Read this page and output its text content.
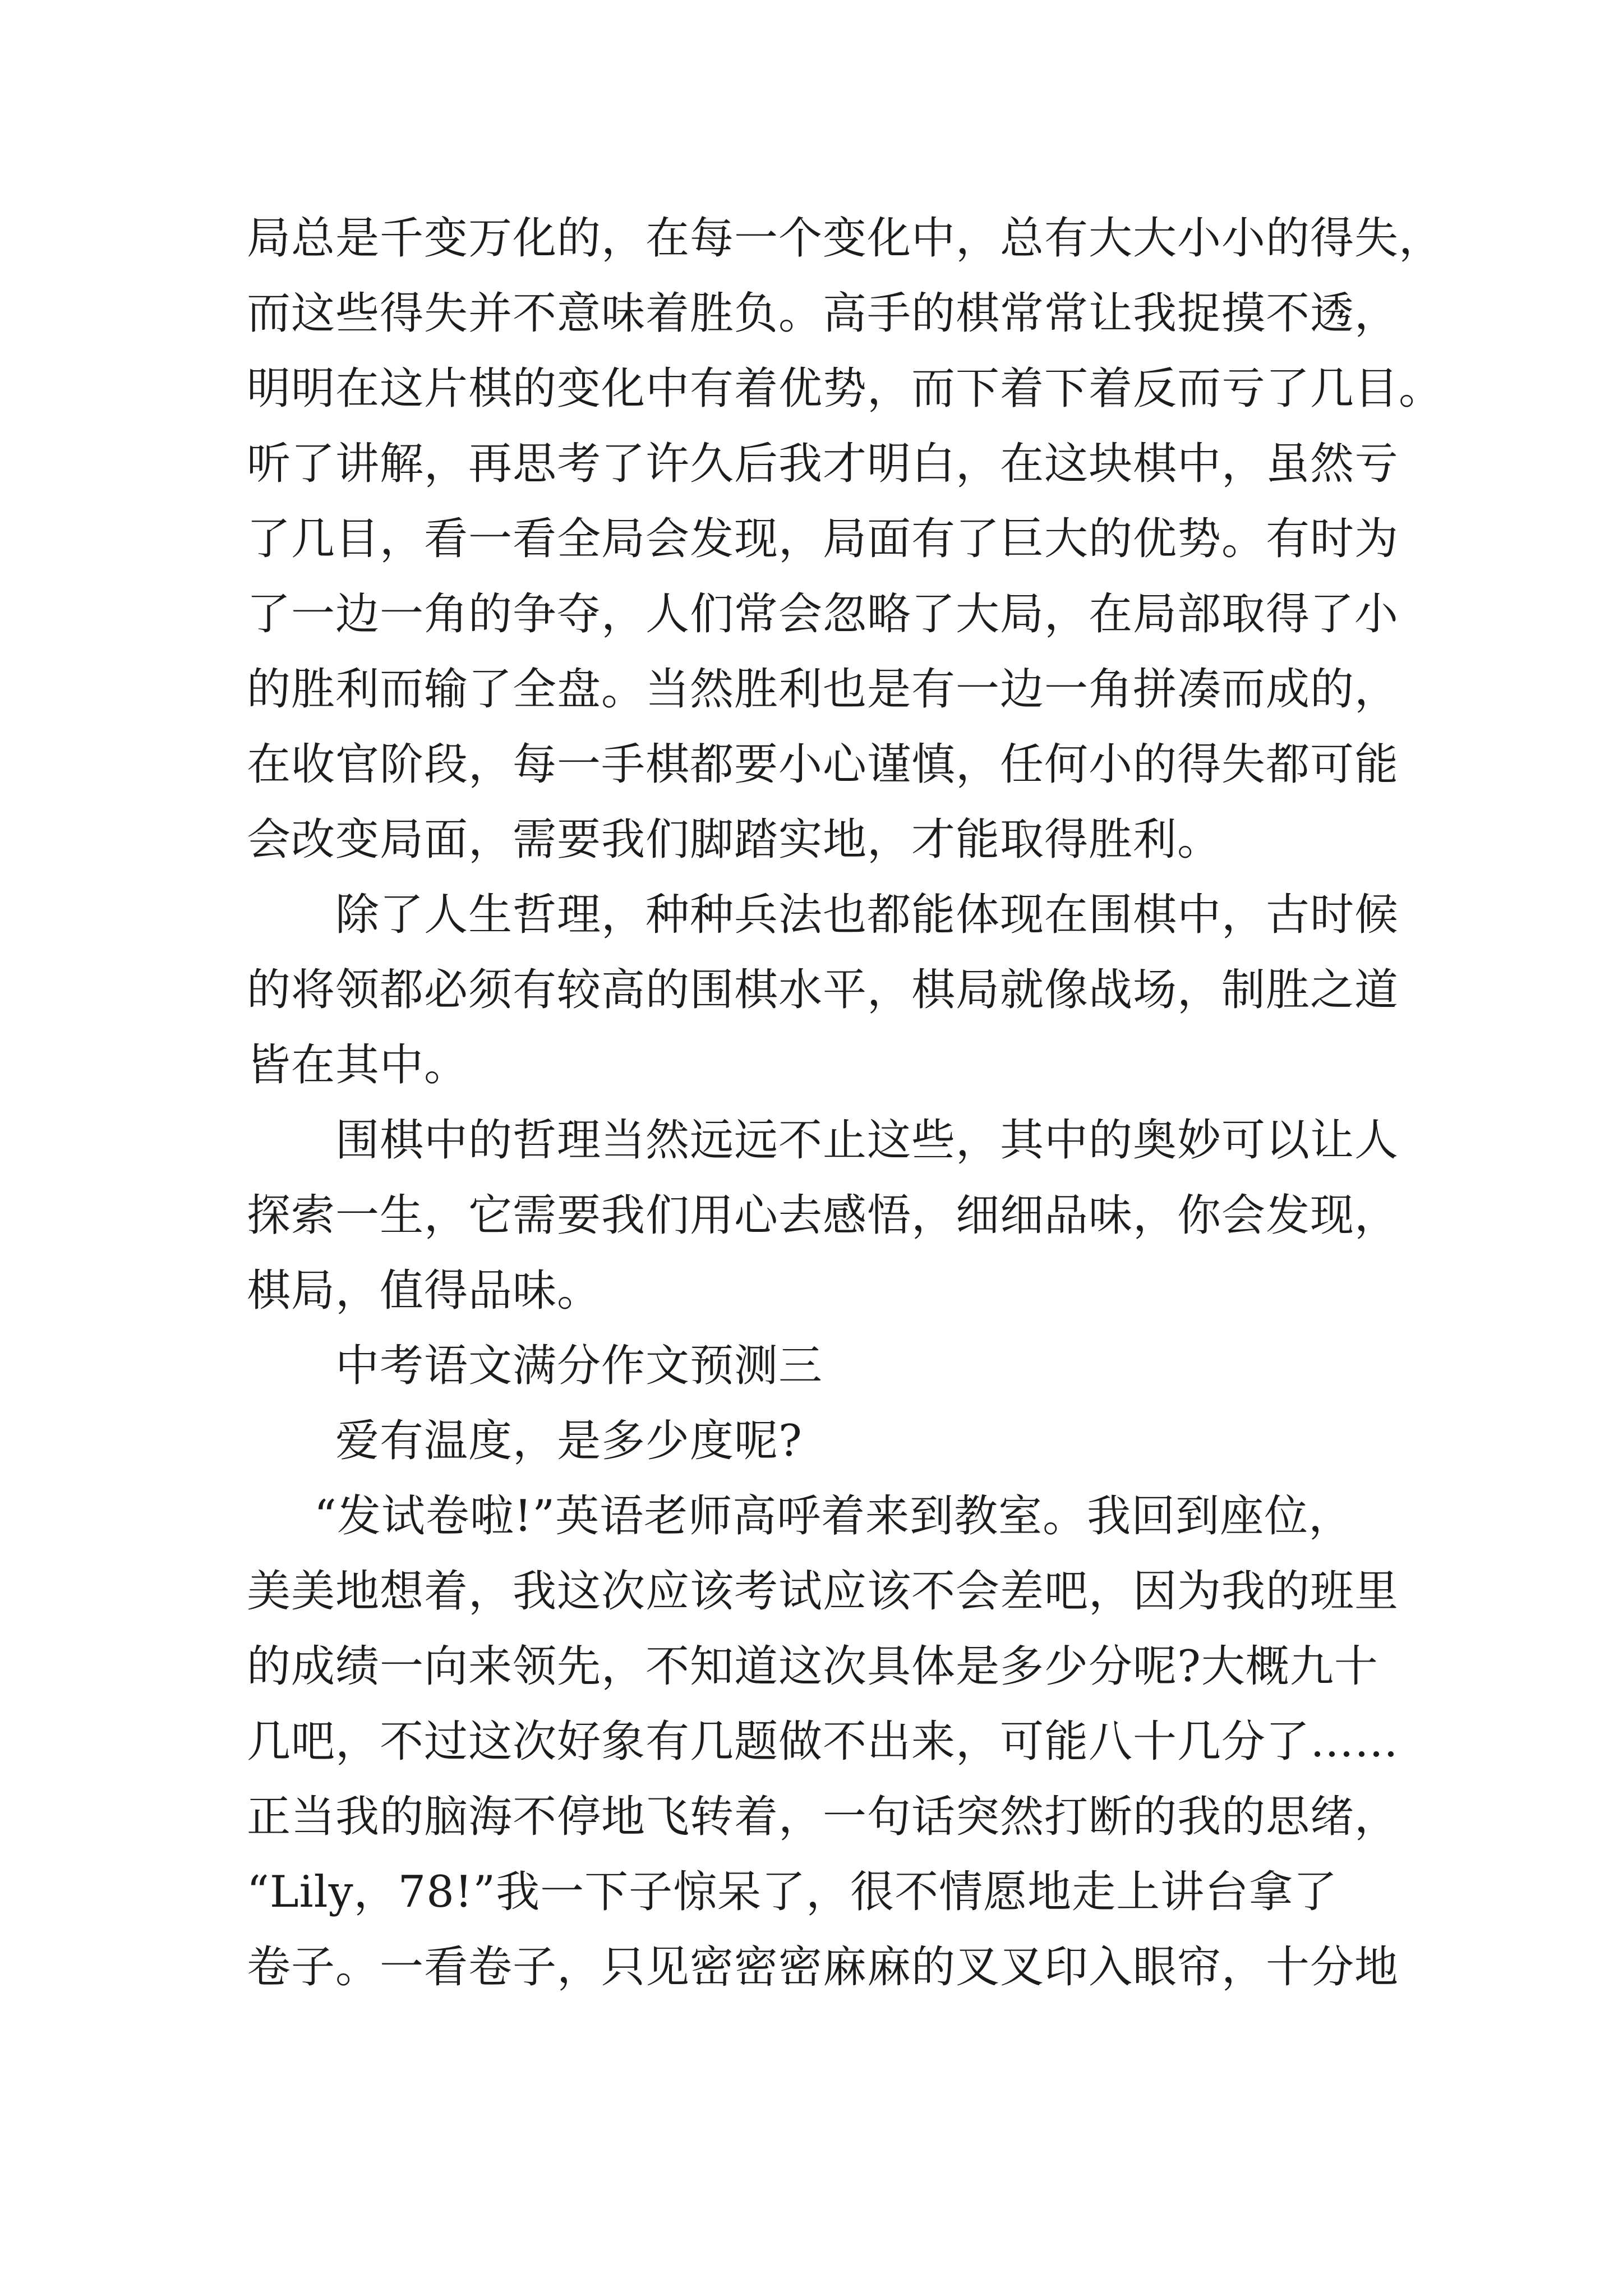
局总是千变万化的，在每一个变化中，总有大大小小的得失，
而这些得失并不意味着胜负。高手的棋常常让我捉摸不透，
明明在这片棋的变化中有着优势，而下着下着反而亏了几目。
听了讲解，再思考了许久后我才明白，在这块棋中，虽然亏
了几目，看一看全局会发现，局面有了巨大的优势。有时为
了一边一角的争夺，人们常会忽略了大局，在局部取得了小
的胜利而输了全盘。当然胜利也是有一边一角拼凑而成的，
在收官阶段，每一手棋都要小心谨慎，任何小的得失都可能
会改变局面，需要我们脚踏实地，才能取得胜利。
除了人生哲理，种种兵法也都能体现在围棋中，古时候
的将领都必须有较高的围棋水平，棋局就像战场，制胜之道
皆在其中。
围棋中的哲理当然远远不止这些，其中的奥妙可以让人
探索一生，它需要我们用心去感悟，细细品味，你会发现，
棋局，值得品味。
中考语文满分作文预测三
爱有温度，是多少度呢?
“发试卷啦!”英语老师高呼着来到教室。我回到座位，
美美地想着，我这次应该考试应该不会差吧，因为我的班里
的成绩一向来领先，不知道这次具体是多少分呢?大概九十
几吧，不过这次好象有几题做不出来，可能八十几分了……
正当我的脑海不停地飞转着，一句话突然打断的我的思绪，
“Lily，78!”我一下子惊呆了，很不情愿地走上讲台拿了
卷子。一看卷子，只见密密密麻麻的叉叉印入眼帘，十分地
